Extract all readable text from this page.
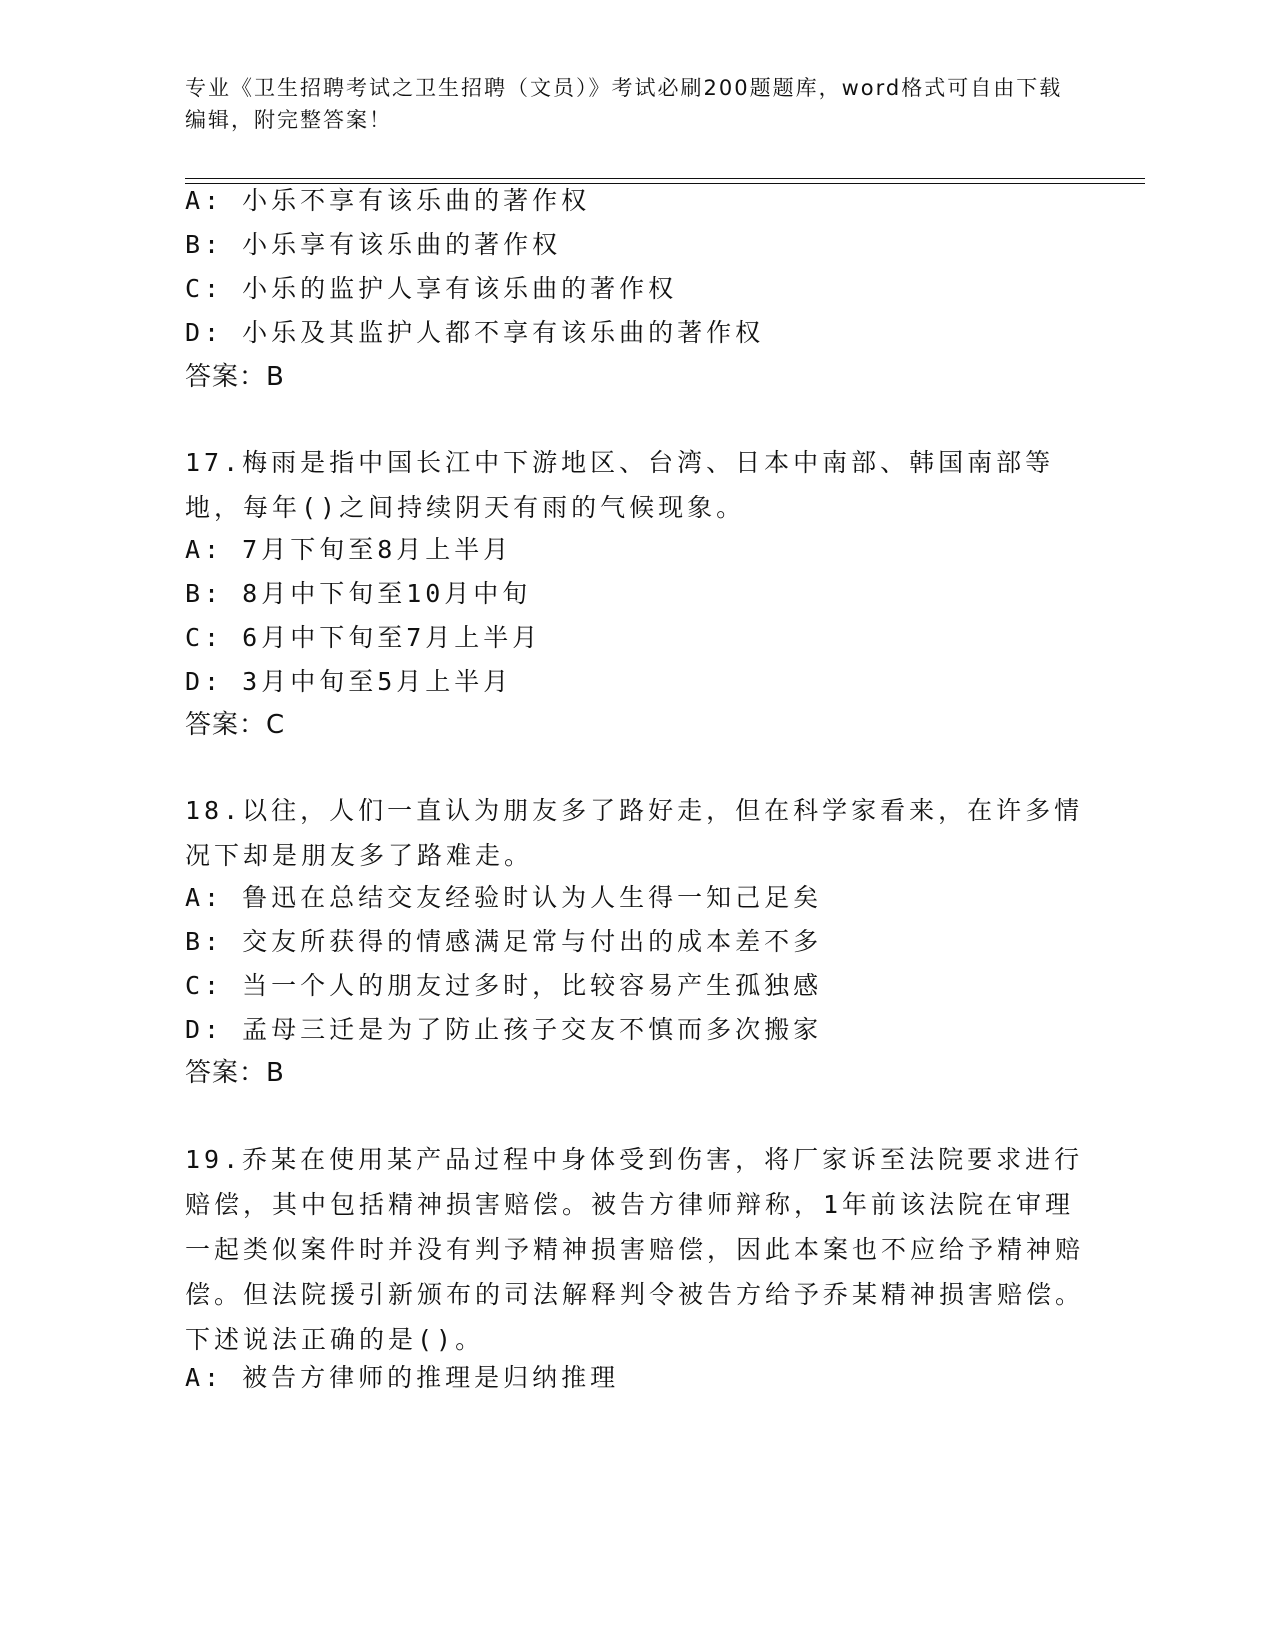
专业《卫生招聘考试之卫生招聘（文员）》考试必刷200题题库，word格式可自由下载编辑，附完整答案！
A: 小乐不享有该乐曲的著作权
B: 小乐享有该乐曲的著作权
C: 小乐的监护人享有该乐曲的著作权
D: 小乐及其监护人都不享有该乐曲的著作权
答案：B
17.梅雨是指中国长江中下游地区、台湾、日本中南部、韩国南部等地，每年()之间持续阴天有雨的气候现象。
A: 7月下旬至8月上半月
B: 8月中下旬至10月中旬
C: 6月中下旬至7月上半月
D: 3月中旬至5月上半月
答案：C
18.以往，人们一直认为朋友多了路好走，但在科学家看来，在许多情况下却是朋友多了路难走。
A: 鲁迅在总结交友经验时认为人生得一知己足矣
B: 交友所获得的情感满足常与付出的成本差不多
C: 当一个人的朋友过多时，比较容易产生孤独感
D: 孟母三迁是为了防止孩子交友不慎而多次搬家
答案：B
19.乔某在使用某产品过程中身体受到伤害，将厂家诉至法院要求进行赔偿，其中包括精神损害赔偿。被告方律师辩称，1年前该法院在审理一起类似案件时并没有判予精神损害赔偿，因此本案也不应给予精神赔偿。但法院援引新颁布的司法解释判令被告方给予乔某精神损害赔偿。下述说法正确的是()。
A: 被告方律师的推理是归纳推理
